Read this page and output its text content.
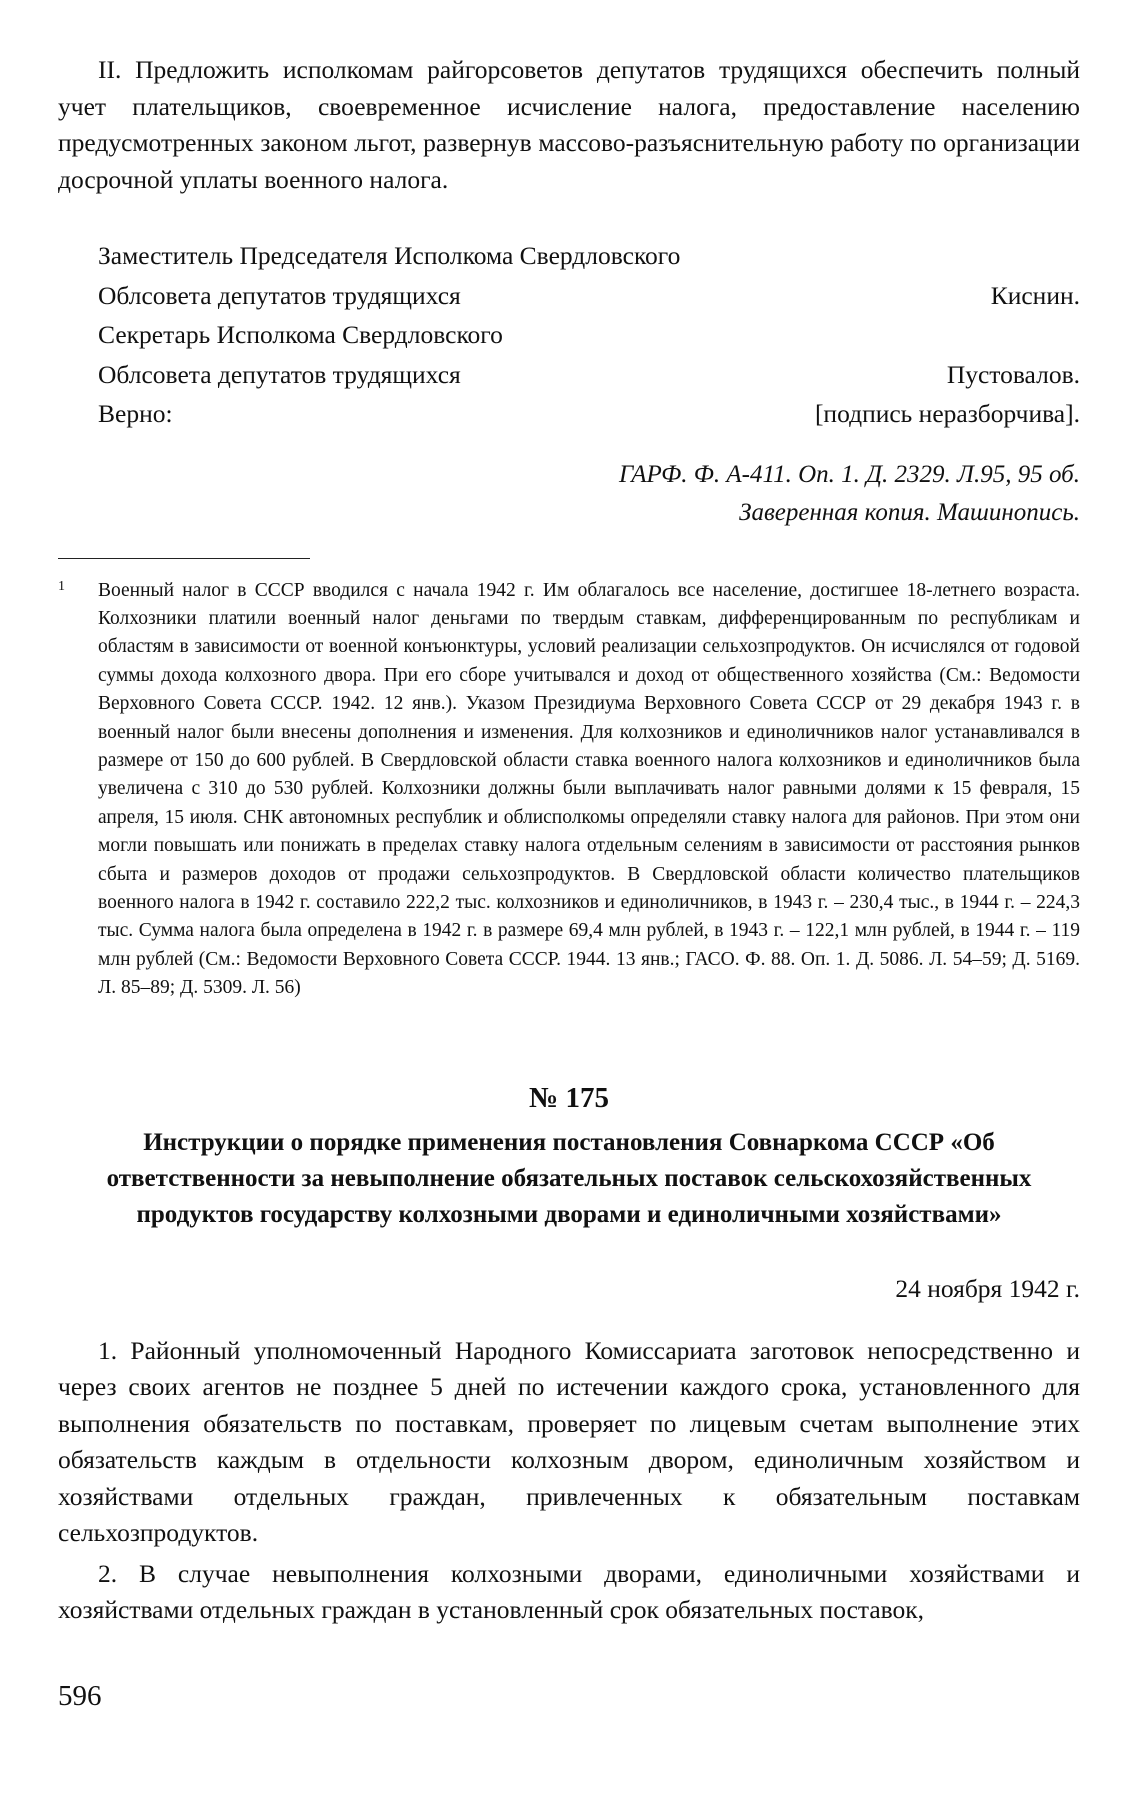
II. Предложить исполкомам райгорсоветов депутатов трудящихся обеспечить полный учет плательщиков, своевременное исчисление налога, предоставление населению предусмотренных законом льгот, развернув массово-разъяснительную работу по организации досрочной уплаты военного налога.

Заместитель Председателя Исполкома Свердловского
Облсовета депутатов трудящихся	Киснин.
Секретарь Исполкома Свердловского
Облсовета депутатов трудящихся	Пустовалов.
Верно:	[подпись неразборчива].
ГАРФ. Ф. А-411. Оп. 1. Д. 2329. Л.95, 95 об.
Заверенная копия. Машинопись.
1 Военный налог в СССР вводился с начала 1942 г. Им облагалось все население, достигшее 18-летнего возраста. Колхозники платили военный налог деньгами по твердым ставкам, дифференцированным по республикам и областям в зависимости от военной конъюнктуры, условий реализации сельхозпродуктов. Он исчислялся от годовой суммы дохода колхозного двора. При его сборе учитывался и доход от общественного хозяйства (См.: Ведомости Верховного Совета СССР. 1942. 12 янв.). Указом Президиума Верховного Совета СССР от 29 декабря 1943 г. в военный налог были внесены дополнения и изменения. Для колхозников и единоличников налог устанавливался в размере от 150 до 600 рублей. В Свердловской области ставка военного налога колхозников и единоличников была увеличена с 310 до 530 рублей. Колхозники должны были выплачивать налог равными долями к 15 февраля, 15 апреля, 15 июля. СНК автономных республик и облисполкомы определяли ставку налога для районов. При этом они могли повышать или понижать в пределах ставку налога отдельным селениям в зависимости от расстояния рынков сбыта и размеров доходов от продажи сельхозпродуктов. В Свердловской области количество плательщиков военного налога в 1942 г. составило 222,2 тыс. колхозников и единоличников, в 1943 г. – 230,4 тыс., в 1944 г. – 224,3 тыс. Сумма налога была определена в 1942 г. в размере 69,4 млн рублей, в 1943 г. – 122,1 млн рублей, в 1944 г. – 119 млн рублей (См.: Ведомости Верховного Совета СССР. 1944. 13 янв.; ГАСО. Ф. 88. Оп. 1. Д. 5086. Л. 54–59; Д. 5169. Л. 85–89; Д. 5309. Л. 56)
№ 175
Инструкции о порядке применения постановления Совнаркома СССР «Об ответственности за невыполнение обязательных поставок сельскохозяйственных продуктов государству колхозными дворами и единоличными хозяйствами»
24 ноября 1942 г.

1. Районный уполномоченный Народного Комиссариата заготовок непосредственно и через своих агентов не позднее 5 дней по истечении каждого срока, установленного для выполнения обязательств по поставкам, проверяет по лицевым счетам выполнение этих обязательств каждым в отдельности колхозным двором, единоличным хозяйством и хозяйствами отдельных граждан, привлеченных к обязательным поставкам сельхозпродуктов.

2. В случае невыполнения колхозными дворами, единоличными хозяйствами и хозяйствами отдельных граждан в установленный срок обязательных поставок,

596
